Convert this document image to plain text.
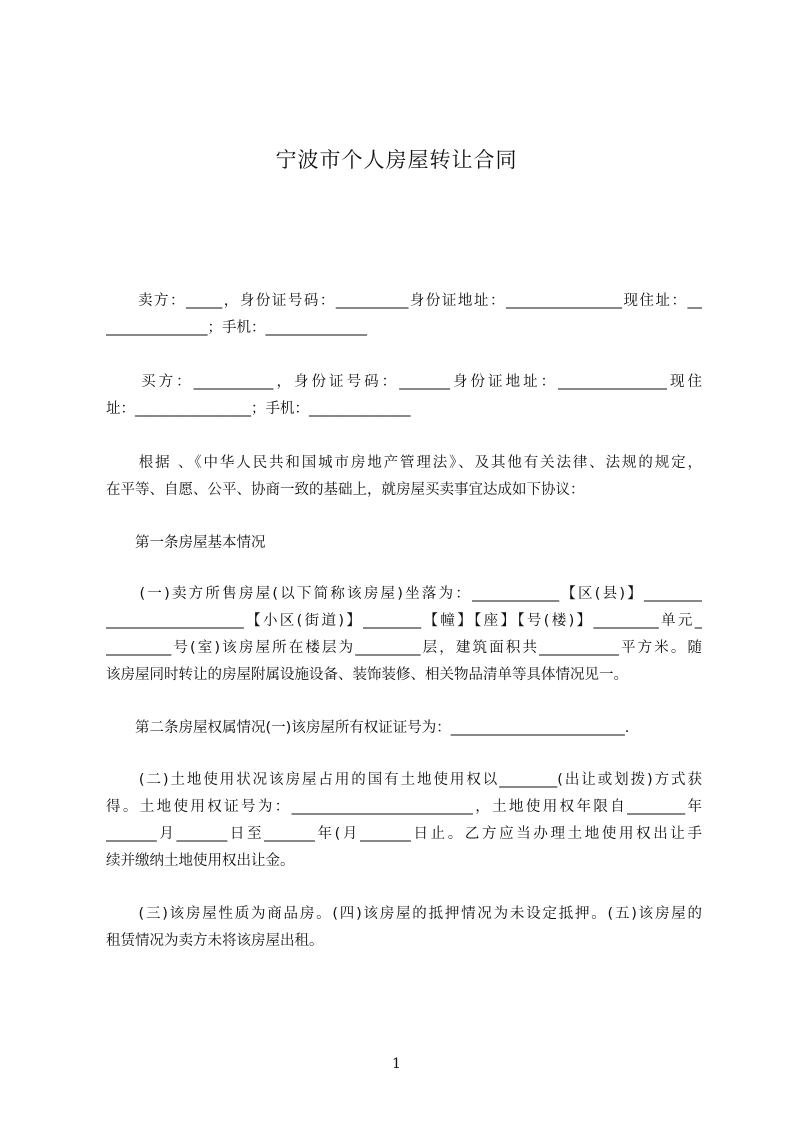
宁波市个人房屋转让合同
　　卖方：_____，身份证号码：__________身份证地址：________________现住址：__
______________；手机：______________
　　买方：___________，身份证号码：_______身份证地址：_______________现住
址：________________；手机：______________
　　根据 、《中华人民共和国城市房地产管理法》、及其他有关法律、法规的规定，
在平等、自愿、公平、协商一致的基础上，就房屋买卖事宜达成如下协议：
　　第一条房屋基本情况
　　(一)卖方所售房屋(以下简称该房屋)坐落为：____________【区(县)】________
___________________【小区(街道)】________【幢】【座】【号(楼)】_________单元_
_________号(室)该房屋所在楼层为_________层，建筑面积共___________平方米。随
该房屋同时转让的房屋附属设施设备、装饰装修、相关物品清单等具体情况见一。
　　第二条房屋权属情况(一)该房屋所有权证证号为：________________________.
　　(二)土地使用状况该房屋占用的国有土地使用权以________(出让或划拨)方式获
得。土地使用权证号为：_________________________，土地使用权年限自________年
_______月_______日至_______年(月_______日止。乙方应当办理土地使用权出让手
续并缴纳土地使用权出让金。
　　(三)该房屋性质为商品房。(四)该房屋的抵押情况为未设定抵押。(五)该房屋的
租赁情况为卖方未将该房屋出租。
1
